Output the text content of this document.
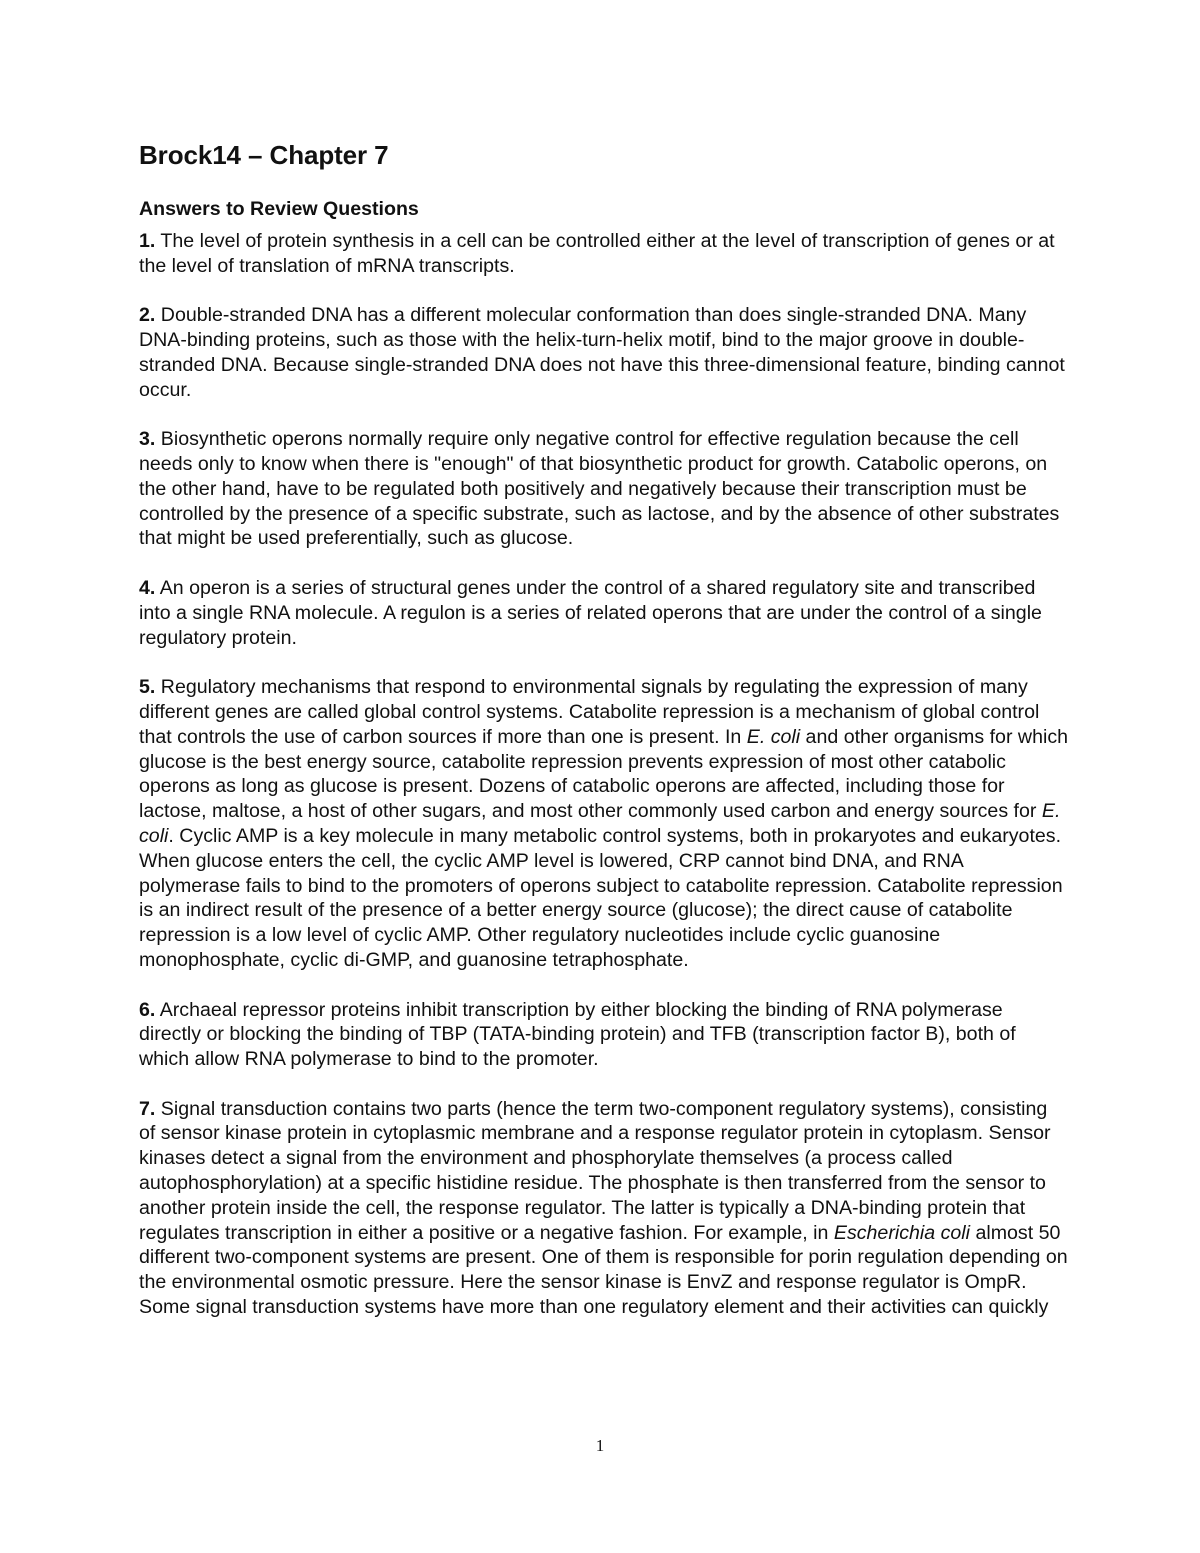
Brock14 – Chapter 7

Answers to Review Questions

1. The level of protein synthesis in a cell can be controlled either at the level of transcription of genes or at the level of translation of mRNA transcripts.

2. Double-stranded DNA has a different molecular conformation than does single-stranded DNA. Many DNA-binding proteins, such as those with the helix-turn-helix motif, bind to the major groove in double-stranded DNA. Because single-stranded DNA does not have this three-dimensional feature, binding cannot occur.

3. Biosynthetic operons normally require only negative control for effective regulation because the cell needs only to know when there is "enough" of that biosynthetic product for growth. Catabolic operons, on the other hand, have to be regulated both positively and negatively because their transcription must be controlled by the presence of a specific substrate, such as lactose, and by the absence of other substrates that might be used preferentially, such as glucose.

4. An operon is a series of structural genes under the control of a shared regulatory site and transcribed into a single RNA molecule. A regulon is a series of related operons that are under the control of a single regulatory protein.

5. Regulatory mechanisms that respond to environmental signals by regulating the expression of many different genes are called global control systems. Catabolite repression is a mechanism of global control that controls the use of carbon sources if more than one is present. In E. coli and other organisms for which glucose is the best energy source, catabolite repression prevents expression of most other catabolic operons as long as glucose is present. Dozens of catabolic operons are affected, including those for lactose, maltose, a host of other sugars, and most other commonly used carbon and energy sources for E. coli. Cyclic AMP is a key molecule in many metabolic control systems, both in prokaryotes and eukaryotes. When glucose enters the cell, the cyclic AMP level is lowered, CRP cannot bind DNA, and RNA polymerase fails to bind to the promoters of operons subject to catabolite repression. Catabolite repression is an indirect result of the presence of a better energy source (glucose); the direct cause of catabolite repression is a low level of cyclic AMP. Other regulatory nucleotides include cyclic guanosine monophosphate, cyclic di-GMP, and guanosine tetraphosphate.

6. Archaeal repressor proteins inhibit transcription by either blocking the binding of RNA polymerase directly or blocking the binding of TBP (TATA-binding protein) and TFB (transcription factor B), both of which allow RNA polymerase to bind to the promoter.

7. Signal transduction contains two parts (hence the term two-component regulatory systems), consisting of sensor kinase protein in cytoplasmic membrane and a response regulator protein in cytoplasm. Sensor kinases detect a signal from the environment and phosphorylate themselves (a process called autophosphorylation) at a specific histidine residue. The phosphate is then transferred from the sensor to another protein inside the cell, the response regulator. The latter is typically a DNA-binding protein that regulates transcription in either a positive or a negative fashion. For example, in Escherichia coli almost 50 different two-component systems are present. One of them is responsible for porin regulation depending on the environmental osmotic pressure. Here the sensor kinase is EnvZ and response regulator is OmpR. Some signal transduction systems have more than one regulatory element and their activities can quickly

1
